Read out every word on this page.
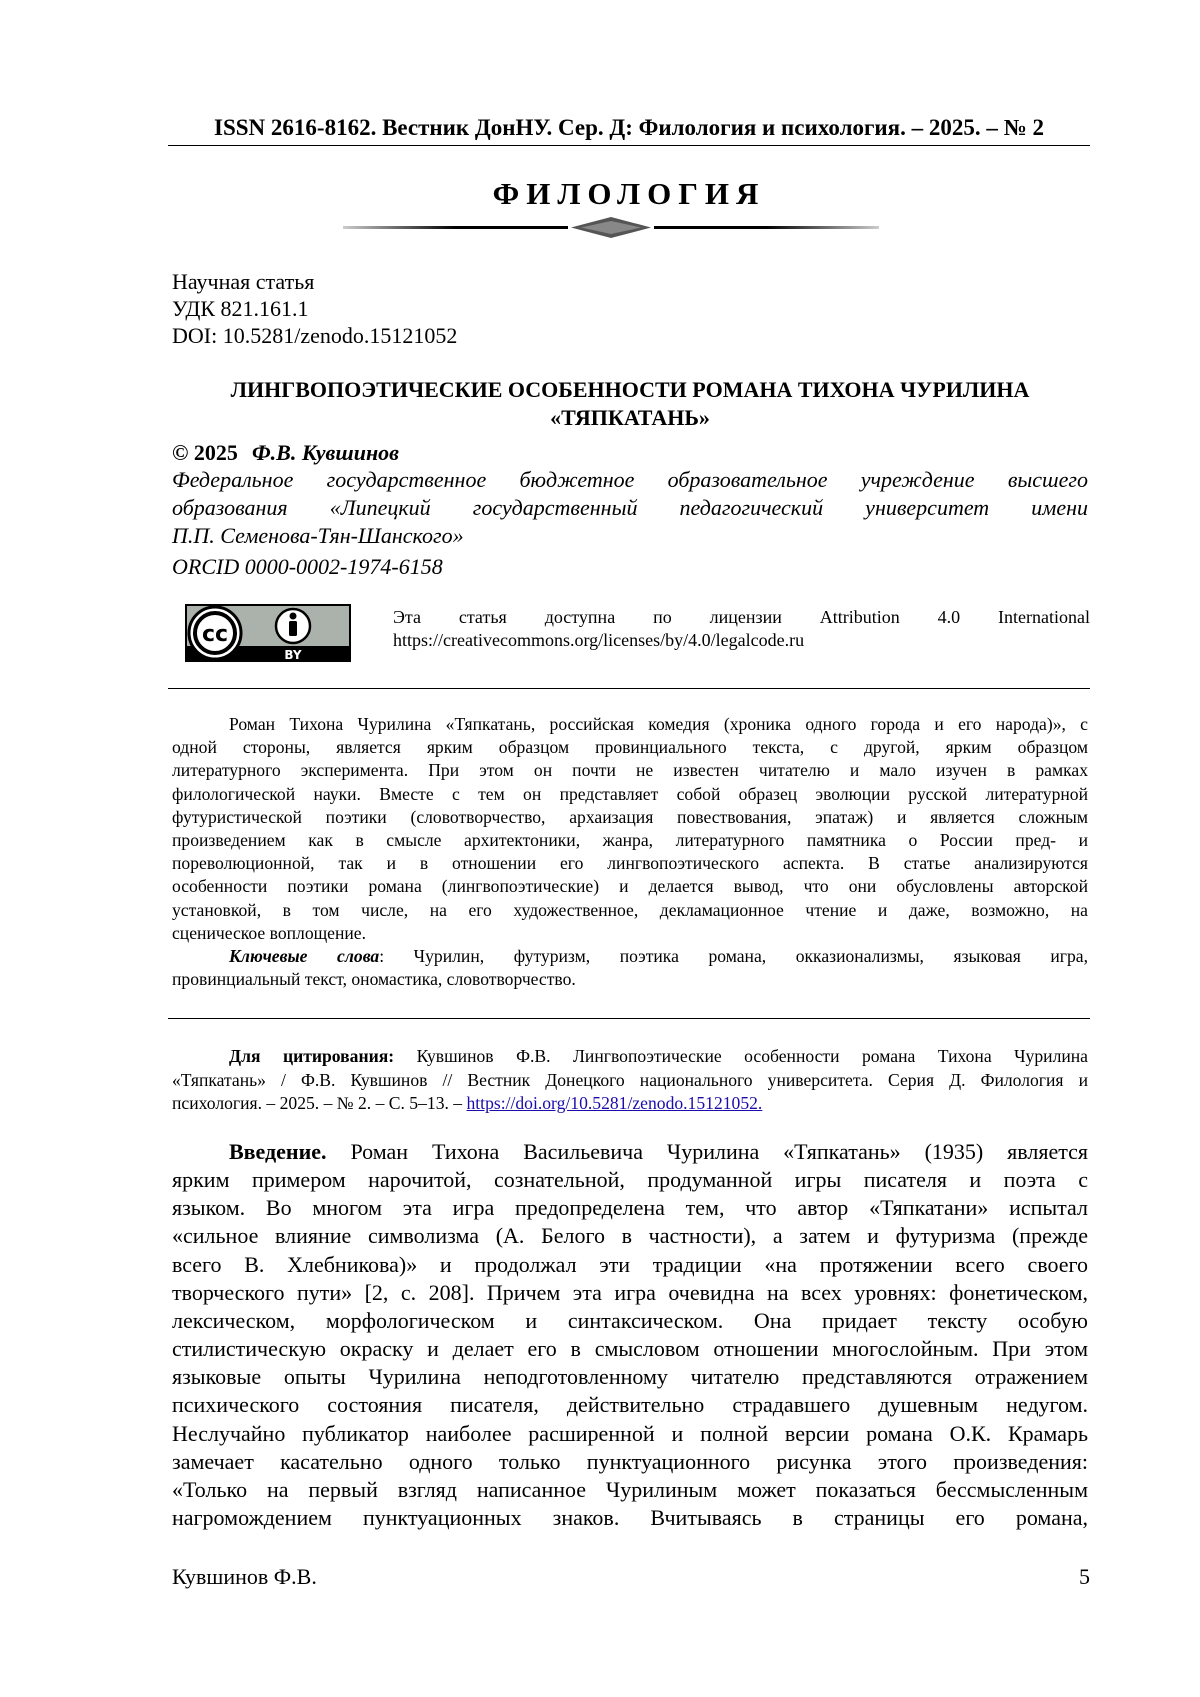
ISSN 2616-8162. Вестник ДонНУ. Сер. Д: Филология и психология. – 2025. – № 2
ФИЛОЛОГИЯ
Научная статья
УДК 821.161.1
DOI: 10.5281/zenodo.15121052
ЛИНГВОПОЭТИЧЕСКИЕ ОСОБЕННОСТИ РОМАНА ТИХОНА ЧУРИЛИНА
«ТЯПКАТАНЬ»
© 2025 Ф.В. Кувшинов
Федеральное государственное бюджетное образовательное учреждение высшего
образования «Липецкий государственный педагогический университет имени
П.П. Семенова-Тян-Шанского»
ORCID 0000-0002-1974-6158
cc
BY
Эта статья доступна по лицензии Attribution 4.0 International
https://creativecommons.org/licenses/by/4.0/legalcode.ru
Роман Тихона Чурилина «Тяпкатань, российская комедия (хроника одного города и его народа)», с
одной стороны, является ярким образцом провинциального текста, с другой, ярким образцом
литературного эксперимента. При этом он почти не известен читателю и мало изучен в рамках
филологической науки. Вместе с тем он представляет собой образец эволюции русской литературной
футуристической поэтики (словотворчество, архаизация повествования, эпатаж) и является сложным
произведением как в смысле архитектоники, жанра, литературного памятника о России пред- и
пореволюционной, так и в отношении его лингвопоэтического аспекта. В статье анализируются
особенности поэтики романа (лингвопоэтические) и делается вывод, что они обусловлены авторской
установкой, в том числе, на его художественное, декламационное чтение и даже, возможно, на
сценическое воплощение.
Ключевые слова: Чурилин, футуризм, поэтика романа, окказионализмы, языковая игра,
провинциальный текст, ономастика, словотворчество.
Для цитирования: Кувшинов Ф.В. Лингвопоэтические особенности романа Тихона Чурилина
«Тяпкатань» / Ф.В. Кувшинов // Вестник Донецкого национального университета. Серия Д. Филология и
психология. – 2025. – № 2. – С. 5–13. – https://doi.org/10.5281/zenodo.15121052.
Введение. Роман Тихона Васильевича Чурилина «Тяпкатань» (1935) является
ярким примером нарочитой, сознательной, продуманной игры писателя и поэта с
языком. Во многом эта игра предопределена тем, что автор «Тяпкатани» испытал
«сильное влияние символизма (А. Белого в частности), а затем и футуризма (прежде
всего В. Хлебникова)» и продолжал эти традиции «на протяжении всего своего
творческого пути» [2, с. 208]. Причем эта игра очевидна на всех уровнях: фонетическом,
лексическом, морфологическом и синтаксическом. Она придает тексту особую
стилистическую окраску и делает его в смысловом отношении многослойным. При этом
языковые опыты Чурилина неподготовленному читателю представляются отражением
психического состояния писателя, действительно страдавшего душевным недугом.
Неслучайно публикатор наиболее расширенной и полной версии романа О.К. Крамарь
замечает касательно одного только пунктуационного рисунка этого произведения:
«Только на первый взгляд написанное Чурилиным может показаться бессмысленным
нагромождением пунктуационных знаков. Вчитываясь в страницы его романа,
Кувшинов Ф.В.	5
